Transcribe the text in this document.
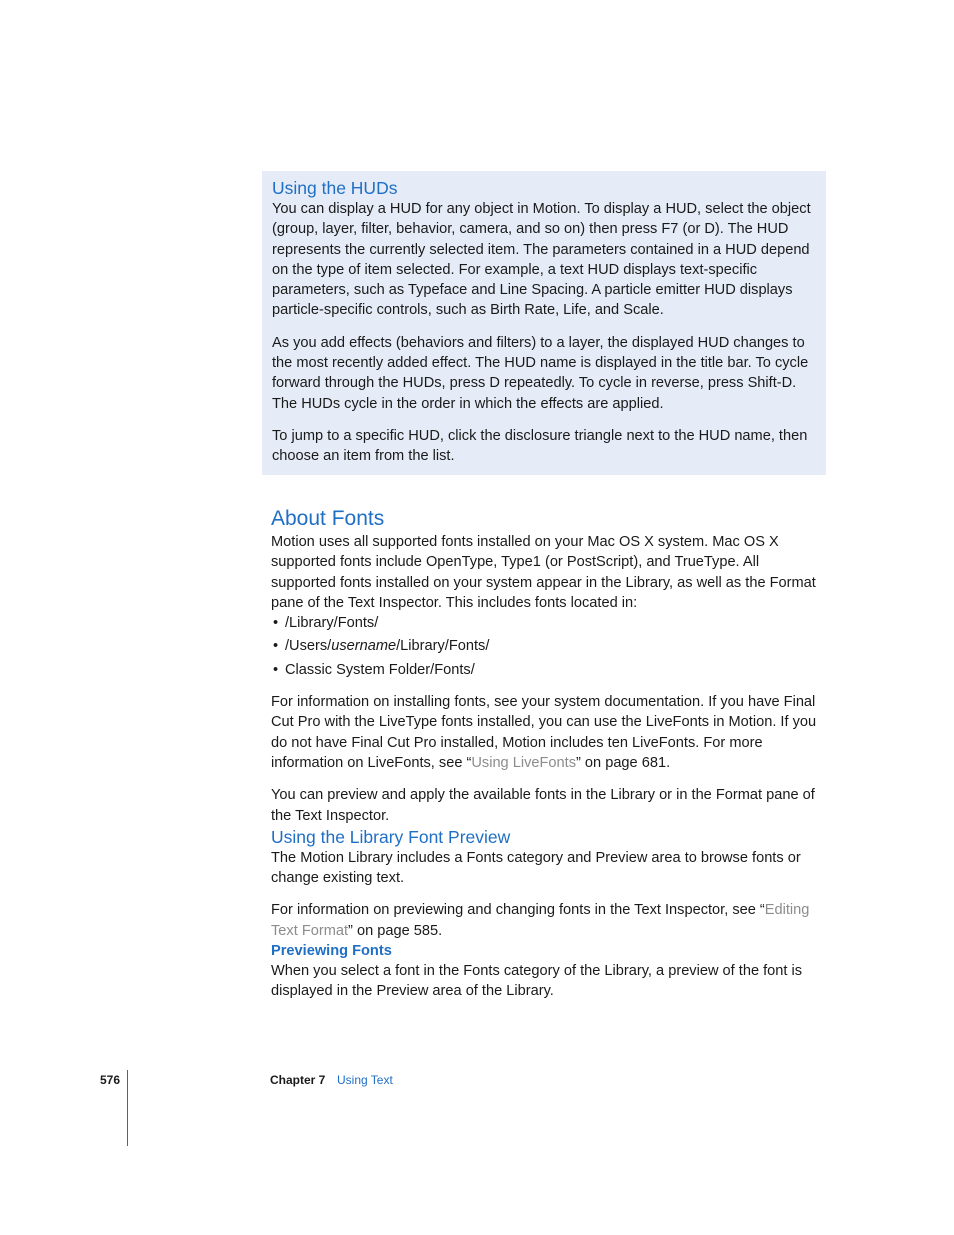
Using the HUDs

You can display a HUD for any object in Motion. To display a HUD, select the object (group, layer, filter, behavior, camera, and so on) then press F7 (or D). The HUD represents the currently selected item. The parameters contained in a HUD depend on the type of item selected. For example, a text HUD displays text-specific parameters, such as Typeface and Line Spacing. A particle emitter HUD displays particle-specific controls, such as Birth Rate, Life, and Scale.

As you add effects (behaviors and filters) to a layer, the displayed HUD changes to the most recently added effect. The HUD name is displayed in the title bar. To cycle forward through the HUDs, press D repeatedly. To cycle in reverse, press Shift-D. The HUDs cycle in the order in which the effects are applied.

To jump to a specific HUD, click the disclosure triangle next to the HUD name, then choose an item from the list.

About Fonts

Motion uses all supported fonts installed on your Mac OS X system. Mac OS X supported fonts include OpenType, Type1 (or PostScript), and TrueType. All supported fonts installed on your system appear in the Library, as well as the Format pane of the Text Inspector. This includes fonts located in:

• /Library/Fonts/
• /Users/username/Library/Fonts/
• Classic System Folder/Fonts/

For information on installing fonts, see your system documentation. If you have Final Cut Pro with the LiveType fonts installed, you can use the LiveFonts in Motion. If you do not have Final Cut Pro installed, Motion includes ten LiveFonts. For more information on LiveFonts, see “Using LiveFonts” on page 681.

You can preview and apply the available fonts in the Library or in the Format pane of the Text Inspector.

Using the Library Font Preview

The Motion Library includes a Fonts category and Preview area to browse fonts or change existing text.

For information on previewing and changing fonts in the Text Inspector, see “Editing Text Format” on page 585.

Previewing Fonts

When you select a font in the Fonts category of the Library, a preview of the font is displayed in the Preview area of the Library.

576	Chapter 7 Using Text
